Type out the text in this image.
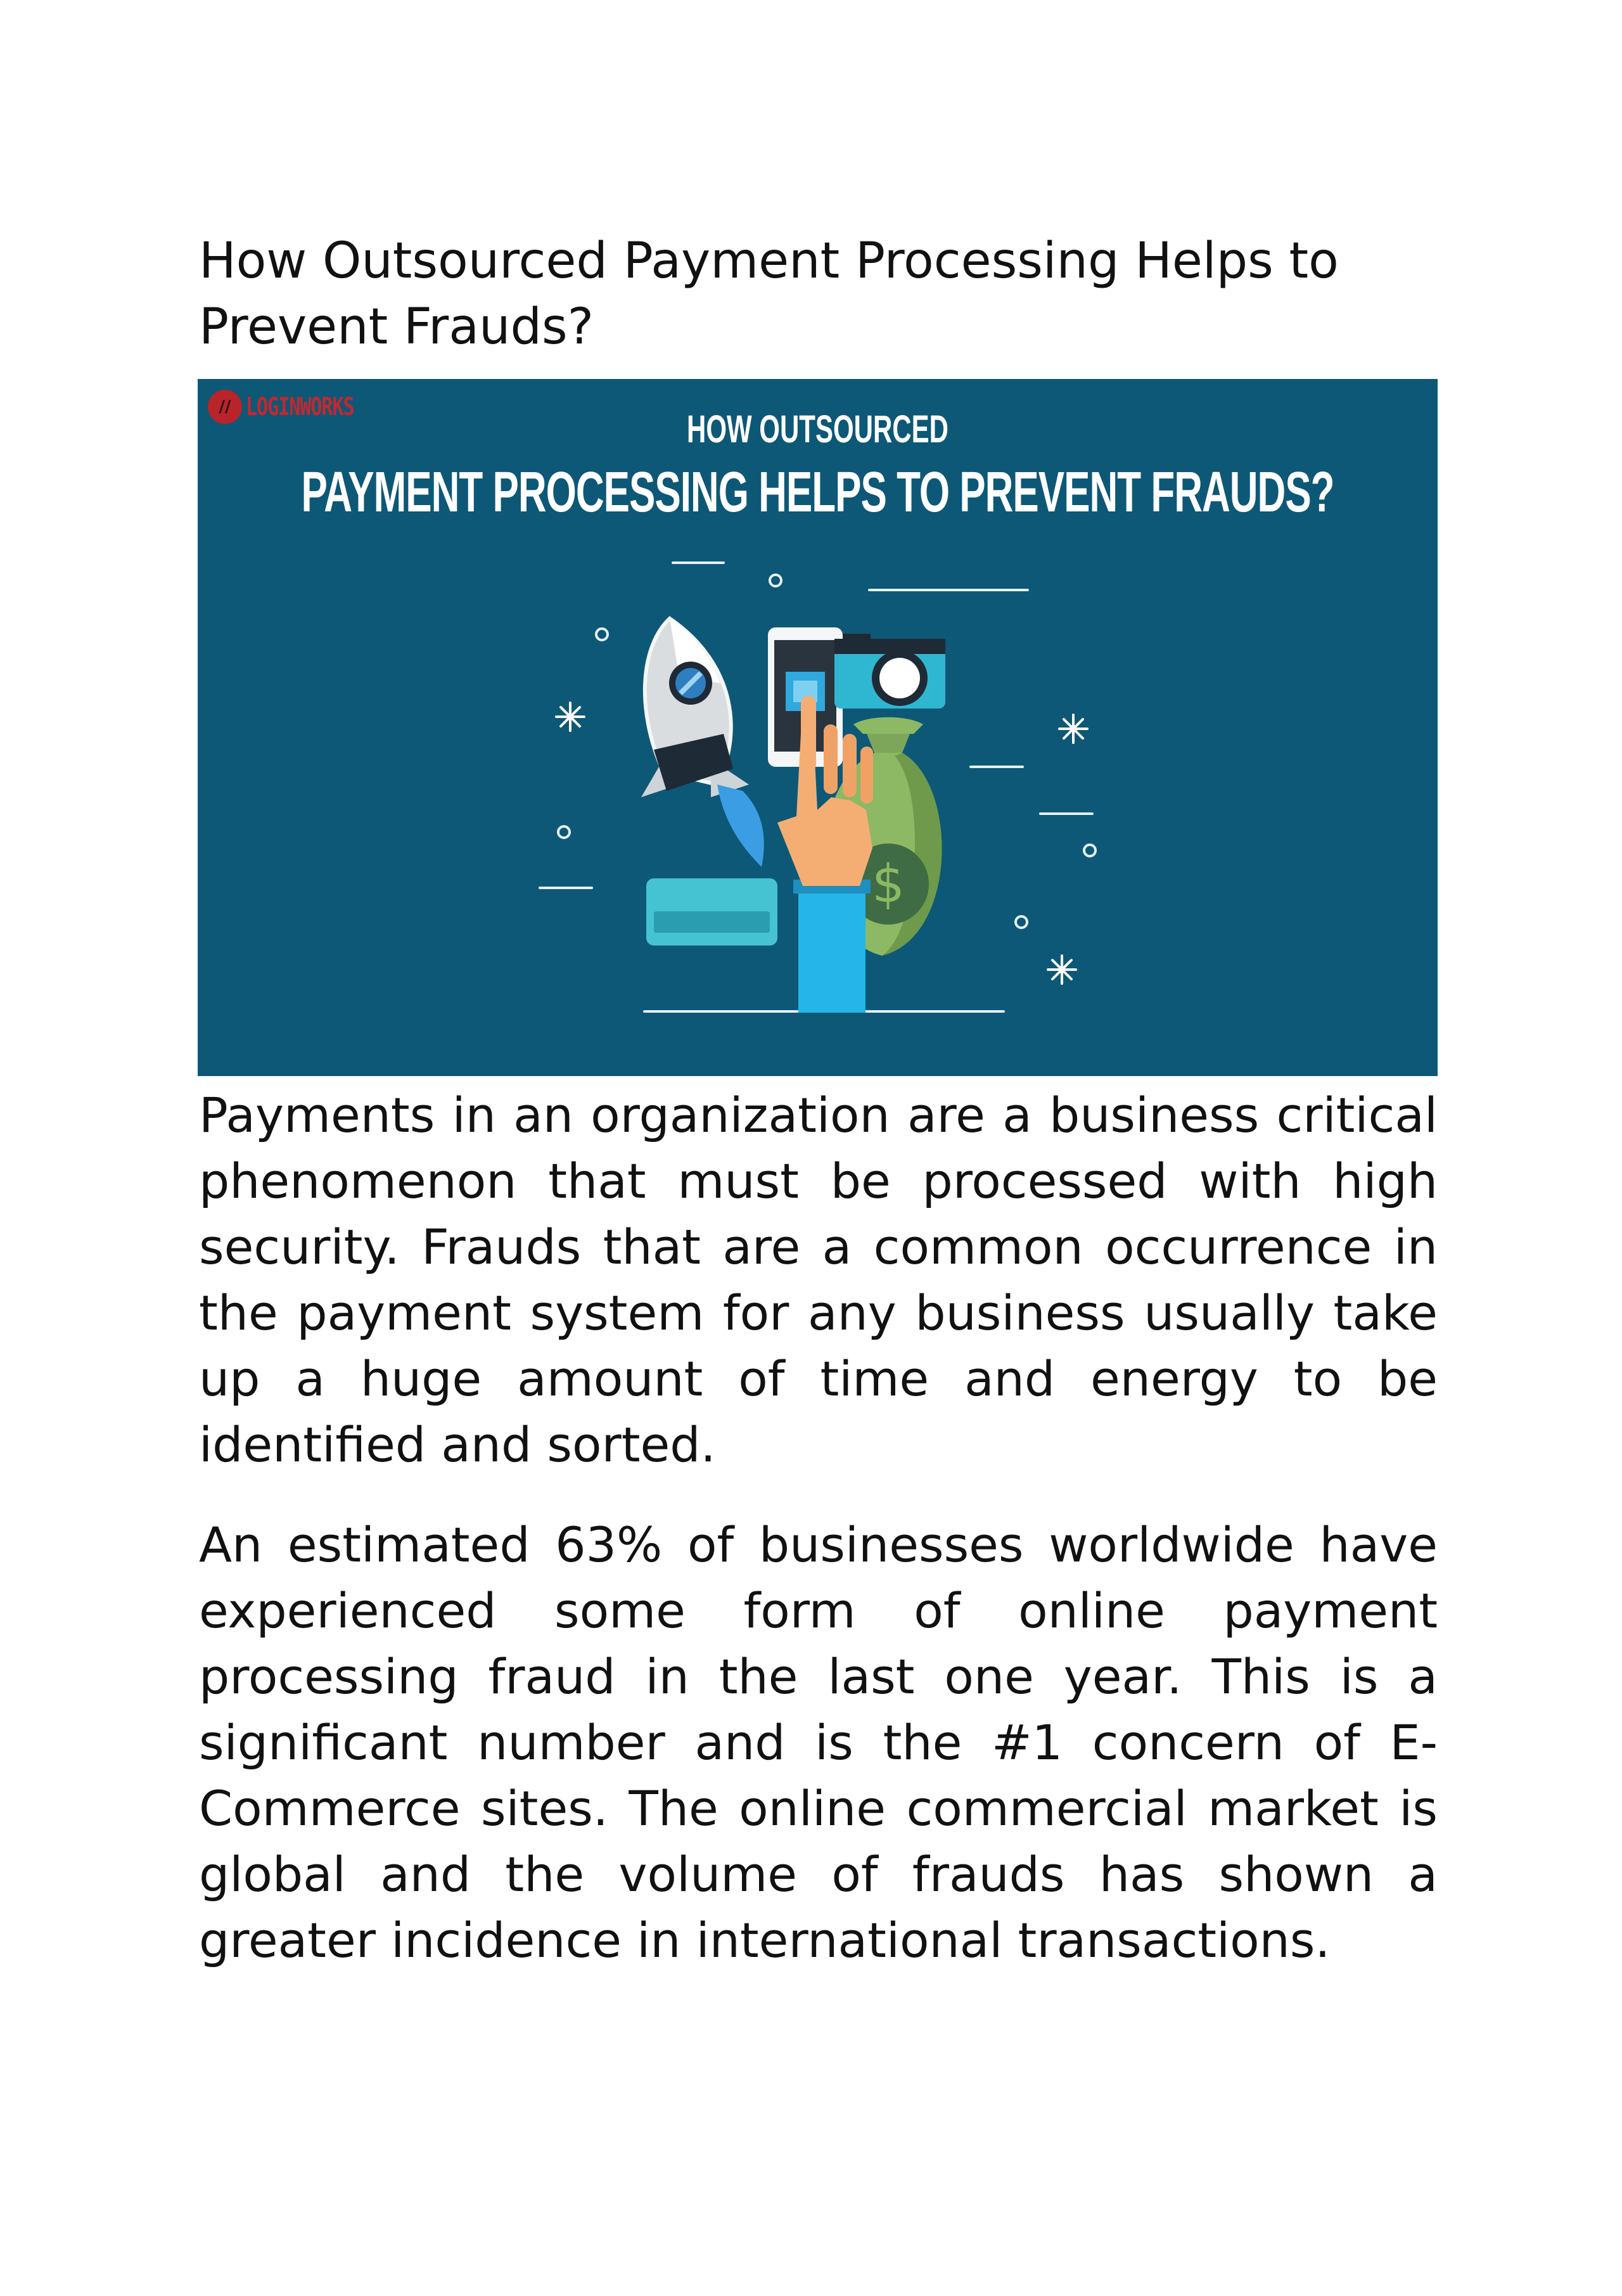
How Outsourced Payment Processing Helps to Prevent Frauds?
$
// LOGINWORKS
HOW OUTSOURCED
PAYMENT PROCESSING HELPS TO PREVENT FRAUDS?

Payments in an organization are a business critical phenomenon that must be processed with high security. Frauds that are a common occurrence in the payment system for any business usually take up a huge amount of time and energy to be identified and sorted.

An estimated 63% of businesses worldwide have experienced some form of online payment processing fraud in the last one year. This is a significant number and is the #1 concern of E-Commerce sites. The online commercial market is global and the volume of frauds has shown a greater incidence in international transactions.
